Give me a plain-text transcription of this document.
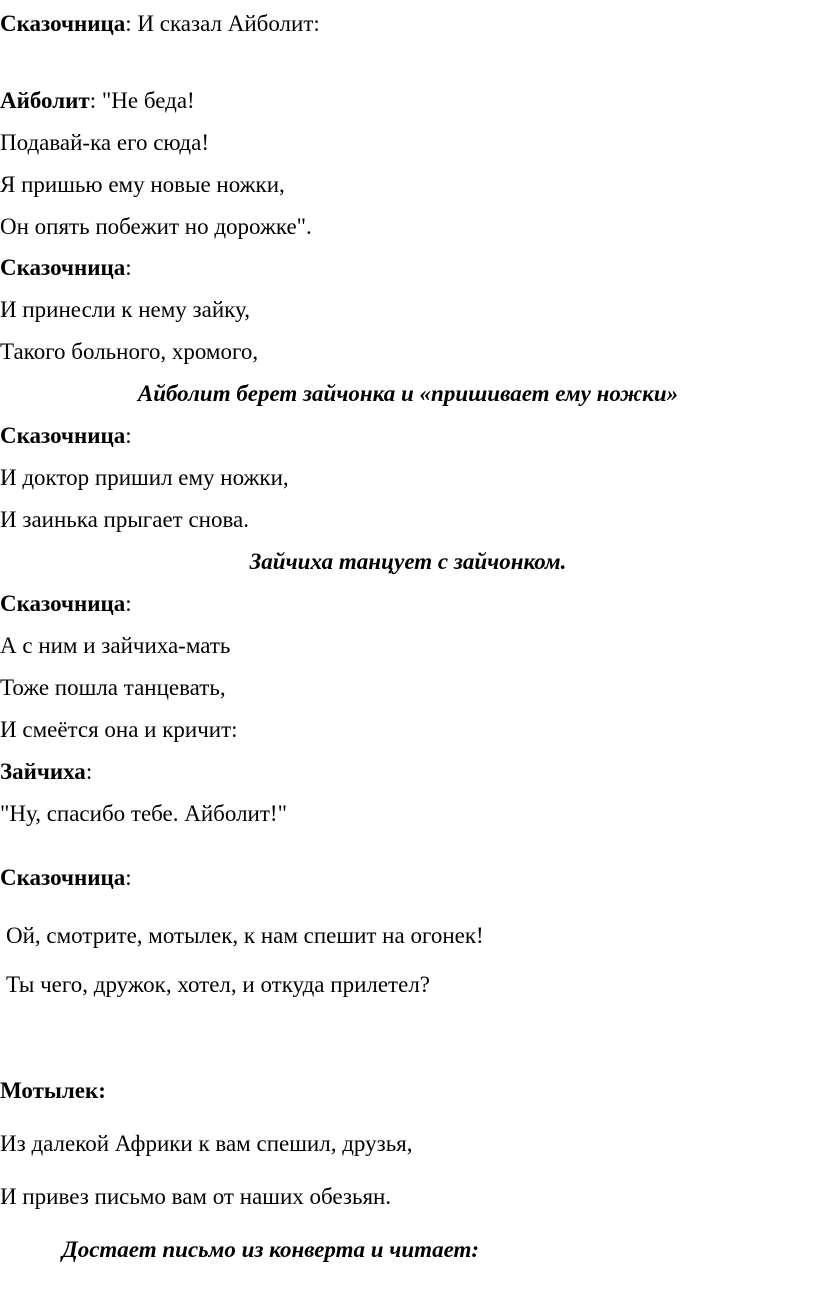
Сказочница: И сказал Айболит:
Айболит: "Не беда!
Подавай-ка его сюда!
Я пришью ему новые ножки,
Он опять побежит но дорожке".
Сказочница:
И принесли к нему зайку,
Такого больного, хромого,
Айболит берет зайчонка и «пришивает ему ножки»
Сказочница:
И доктор пришил ему ножки,
И заинька прыгает снова.
Зайчиха танцует с зайчонком.
Сказочница:
А с ним и зайчиха-мать
Тоже пошла танцевать,
И смеётся она и кричит:
Зайчиха:
"Ну, спасибо тебе. Айболит!"
Сказочница:
Ой, смотрите, мотылек, к нам спешит на огонек!
Ты чего, дружок, хотел, и откуда прилетел?
Мотылек:
Из далекой Африки к вам спешил, друзья,
И привез письмо вам от наших обезьян.
Достает письмо из конверта и читает:
